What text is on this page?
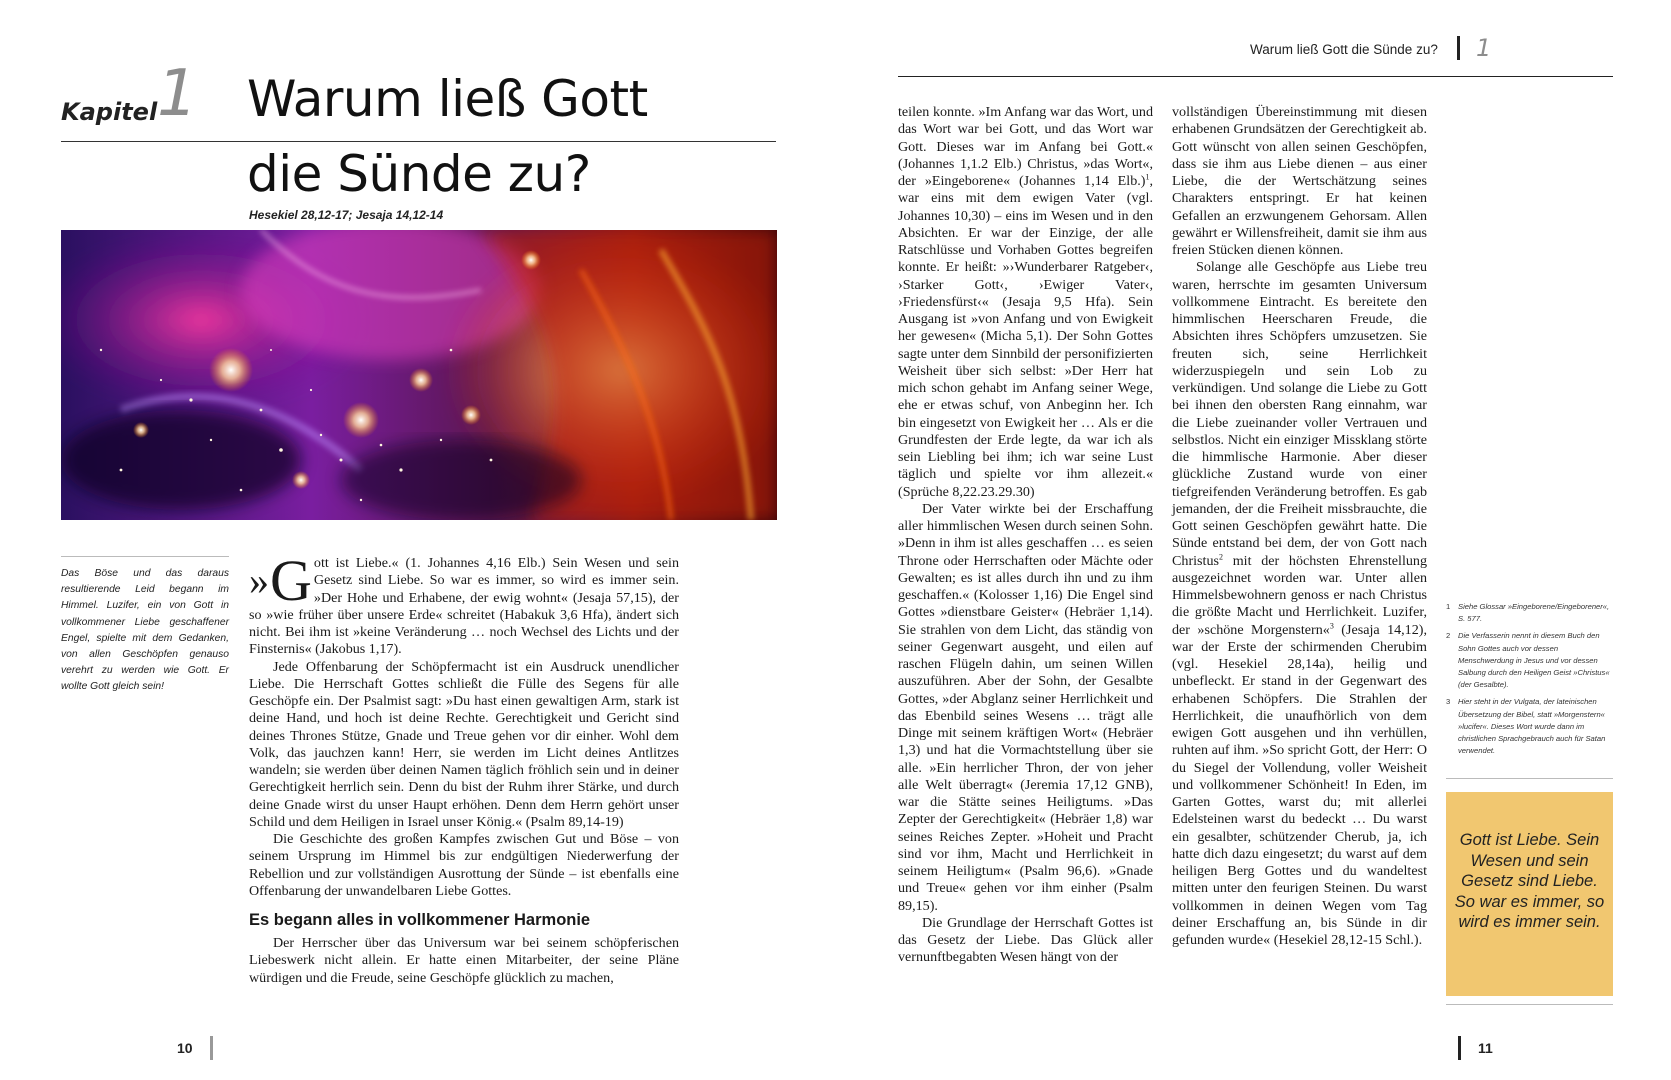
Kapitel 1 Warum ließ Gott
die Sünde zu?
Hesekiel 28,12-17; Jesaja 14,12-14
Das Böse und das daraus resultierende Leid begann im Himmel. Luzifer, ein von Gott in vollkommener Liebe geschaffener Engel, spielte mit dem Gedanken, von allen Geschöpfen genauso verehrt zu werden wie Gott. Er wollte Gott gleich sein!

» G ott ist Liebe.« (1. Johannes 4,16 Elb.) Sein Wesen und sein Gesetz sind Liebe. So war es immer, so wird es immer sein. »Der Hohe und Erhabene, der ewig wohnt« (Jesaja 57,15), der so »wie früher über unsere Erde« schreitet (Habakuk 3,6 Hfa), ändert sich nicht. Bei ihm ist »keine Veränderung … noch Wechsel des Lichts und der Finsternis« (Jakobus 1,17).

Jede Offenbarung der Schöpfermacht ist ein Ausdruck unendlicher Liebe. Die Herrschaft Gottes schließt die Fülle des Segens für alle Geschöpfe ein. Der Psalmist sagt: »Du hast einen gewaltigen Arm, stark ist deine Hand, und hoch ist deine Rechte. Gerechtigkeit und Gericht sind deines Thrones Stütze, Gnade und Treue gehen vor dir einher. Wohl dem Volk, das jauchzen kann! Herr, sie werden im Licht deines Antlitzes wandeln; sie werden über deinen Namen täglich fröhlich sein und in deiner Gerechtigkeit herrlich sein. Denn du bist der Ruhm ihrer Stärke, und durch deine Gnade wirst du unser Haupt erhöhen. Denn dem Herrn gehört unser Schild und dem Heiligen in Israel unser König.« (Psalm 89,14-19)

Die Geschichte des großen Kampfes zwischen Gut und Böse – von seinem Ursprung im Himmel bis zur endgültigen Niederwerfung der Rebellion und zur vollständigen Ausrottung der Sünde – ist ebenfalls eine Offenbarung der unwandelbaren Liebe Gottes.

Es begann alles in vollkommener Harmonie

Der Herrscher über das Universum war bei seinem schöpferischen Liebeswerk nicht allein. Er hatte einen Mitarbeiter, der seine Pläne würdigen und die Freude, seine Geschöpfe glücklich zu machen,

10
Warum ließ Gott die Sünde zu? 1

teilen konnte. »Im Anfang war das Wort, und das Wort war bei Gott, und das Wort war Gott. Dieses war im Anfang bei Gott.« (Johannes 1,1.2 Elb.) Christus, »das Wort«, der »Eingeborene« (Johannes 1,14 Elb.)$^1$, war eins mit dem ewigen Vater (vgl. Johannes 10,30) – eins im Wesen und in den Absichten. Er war der Einzige, der alle Ratschlüsse und Vorhaben Gottes begreifen konnte. Er heißt: »›Wunderbarer Ratgeber‹, ›Starker Gott‹, ›Ewiger Vater‹, ›Friedensfürst‹« (Jesaja 9,5 Hfa). Sein Ausgang ist »von Anfang und von Ewigkeit her gewesen« (Micha 5,1). Der Sohn Gottes sagte unter dem Sinnbild der personifizierten Weisheit über sich selbst: »Der Herr hat mich schon gehabt im Anfang seiner Wege, ehe er etwas schuf, von Anbeginn her. Ich bin eingesetzt von Ewigkeit her … Als er die Grundfesten der Erde legte, da war ich als sein Liebling bei ihm; ich war seine Lust täglich und spielte vor ihm allezeit.« (Sprüche 8,22.23.29.30)

Der Vater wirkte bei der Erschaffung aller himmlischen Wesen durch seinen Sohn. »Denn in ihm ist alles geschaffen … es seien Throne oder Herrschaften oder Mächte oder Gewalten; es ist alles durch ihn und zu ihm geschaffen.« (Kolosser 1,16) Die Engel sind Gottes »dienstbare Geister« (Hebräer 1,14). Sie strahlen von dem Licht, das ständig von seiner Gegenwart ausgeht, und eilen auf raschen Flügeln dahin, um seinen Willen auszuführen. Aber der Sohn, der Gesalbte Gottes, »der Abglanz seiner Herrlichkeit und das Ebenbild seines Wesens … trägt alle Dinge mit seinem kräftigen Wort« (Hebräer 1,3) und hat die Vormachtstellung über sie alle. »Ein herrlicher Thron, der von jeher alle Welt überragt« (Jeremia 17,12 GNB), war die Stätte seines Heiligtums. »Das Zepter der Gerechtigkeit« (Hebräer 1,8) war seines Reiches Zepter. »Hoheit und Pracht sind vor ihm, Macht und Herrlichkeit in seinem Heiligtum« (Psalm 96,6). »Gnade und Treue« gehen vor ihm einher (Psalm 89,15).

Die Grundlage der Herrschaft Gottes ist das Gesetz der Liebe. Das Glück aller vernunftbegabten Wesen hängt von der

vollständigen Übereinstimmung mit diesen erhabenen Grundsätzen der Gerechtigkeit ab. Gott wünscht von allen seinen Geschöpfen, dass sie ihm aus Liebe dienen – aus einer Liebe, die der Wertschätzung seines Charakters entspringt. Er hat keinen Gefallen an erzwungenem Gehorsam. Allen gewährt er Willensfreiheit, damit sie ihm aus freien Stücken dienen können.

Solange alle Geschöpfe aus Liebe treu waren, herrschte im gesamten Universum vollkommene Eintracht. Es bereitete den himmlischen Heerscharen Freude, die Absichten ihres Schöpfers umzusetzen. Sie freuten sich, seine Herrlichkeit widerzuspiegeln und sein Lob zu verkündigen. Und solange die Liebe zu Gott bei ihnen den obersten Rang einnahm, war die Liebe zueinander voller Vertrauen und selbstlos. Nicht ein einziger Missklang störte die himmlische Harmonie. Aber dieser glückliche Zustand wurde von einer tiefgreifenden Veränderung betroffen. Es gab jemanden, der die Freiheit missbrauchte, die Gott seinen Geschöpfen gewährt hatte. Die Sünde entstand bei dem, der von Gott nach Christus$^2$ mit der höchsten Ehrenstellung ausgezeichnet worden war. Unter allen Himmelsbewohnern genoss er nach Christus die größte Macht und Herrlichkeit. Luzifer, der »schöne Morgenstern«$^3$ (Jesaja 14,12), war der Erste der schirmenden Cherubim (vgl. Hesekiel 28,14a), heilig und unbefleckt. Er stand in der Gegenwart des erhabenen Schöpfers. Die Strahlen der Herrlichkeit, die unaufhörlich von dem ewigen Gott ausgehen und ihn verhüllen, ruhten auf ihm. »So spricht Gott, der Herr: O du Siegel der Vollendung, voller Weisheit und vollkommener Schönheit! In Eden, im Garten Gottes, warst du; mit allerlei Edelsteinen warst du bedeckt … Du warst ein gesalbter, schützender Cherub, ja, ich hatte dich dazu eingesetzt; du warst auf dem heiligen Berg Gottes und du wandeltest mitten unter den feurigen Steinen. Du warst vollkommen in deinen Wegen vom Tag deiner Erschaffung an, bis Sünde in dir gefunden wurde« (Hesekiel 28,12-15 Schl.).

1 Siehe Glossar »Eingeborene/Eingeborener«, S. 577.
2 Die Verfasserin nennt in diesem Buch den Sohn Gottes auch vor dessen Menschwerdung in Jesus und vor dessen Salbung durch den Heiligen Geist »Christus« (der Gesalbte).
3 Hier steht in der Vulgata, der lateinischen Übersetzung der Bibel, statt »Morgenstern« »lucifer«. Dieses Wort wurde dann im christlichen Sprachgebrauch auch für Satan verwendet.
Gott ist Liebe. Sein Wesen und sein Gesetz sind Liebe. So war es immer, so wird es immer sein.
11
